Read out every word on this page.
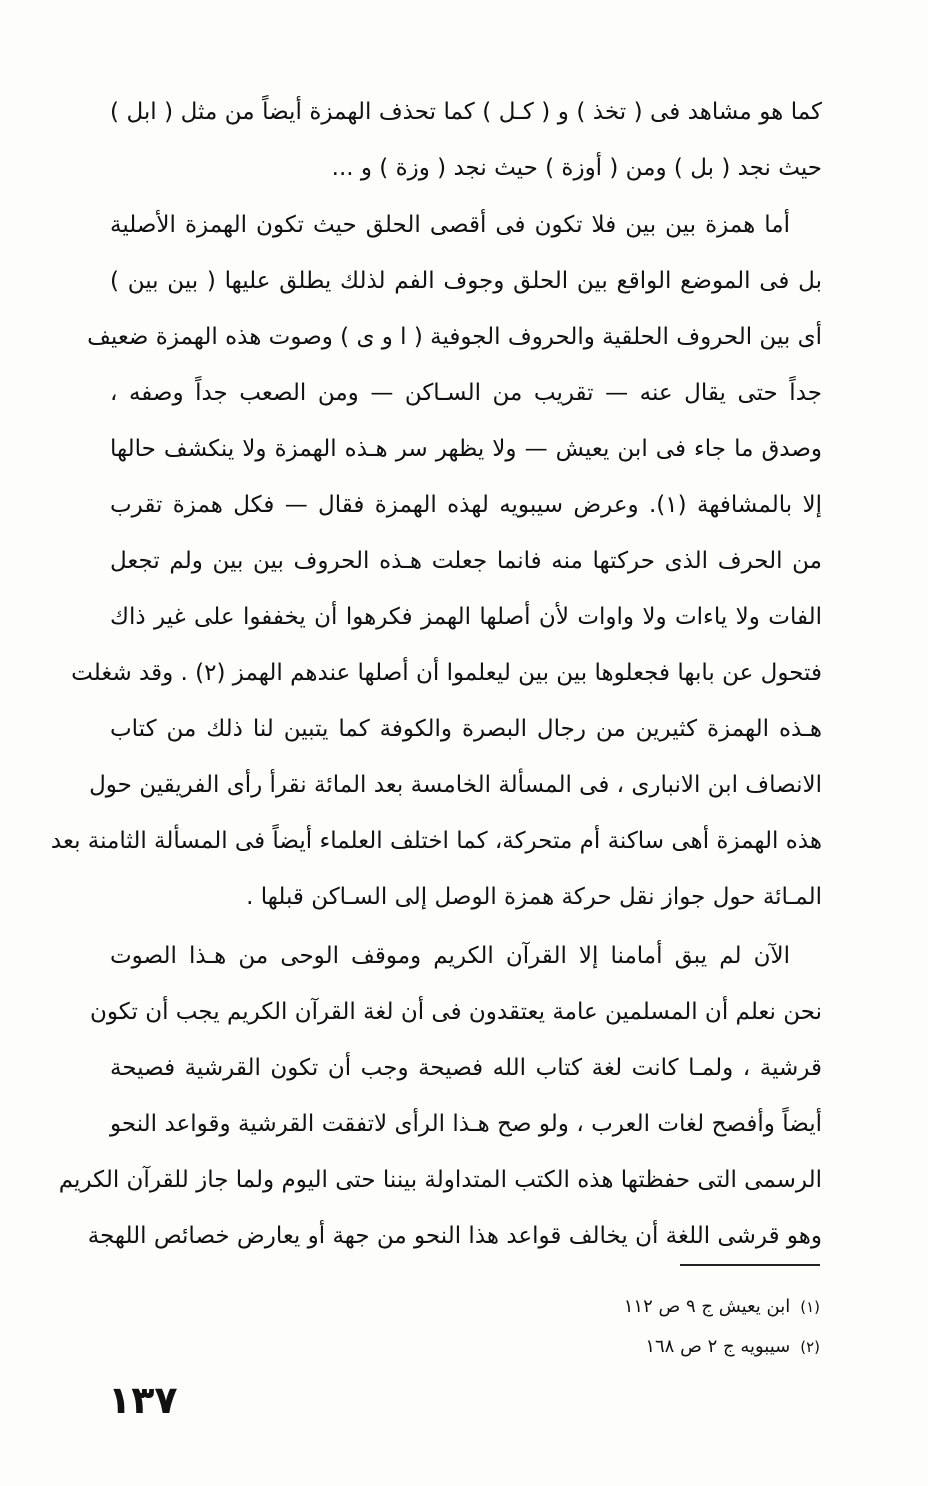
كما هو مشاهد فى ( تخذ ) و ( كـل ) كما تحذف الهمزة أيضاً من مثل ( ابل )
حيث نجد ( بل ) ومن ( أوزة ) حيث نجد ( وزة ) و ...
أما همزة بين بين فلا تكون فى أقصى الحلق حيث تكون الهمزة الأصلية
بل فى الموضع الواقع بين الحلق وجوف الفم لذلك يطلق عليها ( بين بين )
أى بين الحروف الحلقية والحروف الجوفية ( ا و ى ) وصوت هذه الهمزة ضعيف
جداً حتى يقال عنه — تقريب من السـاكن — ومن الصعب جداً وصفه ،
وصدق ما جاء فى ابن يعيش — ولا يظهر سر هـذه الهمزة ولا ينكشف حالها
إلا بالمشافهة (١). وعرض سيبويه لهذه الهمزة فقال — فكل همزة تقرب
من الحرف الذى حركتها منه فانما جعلت هـذه الحروف بين بين ولم تجعل
الفات ولا ياءات ولا واوات لأن أصلها الهمز فكرهوا أن يخففوا على غير ذاك
فتحول عن بابها فجعلوها بين بين ليعلموا أن أصلها عندهم الهمز (٢) . وقد شغلت
هـذه الهمزة كثيرين من رجال البصرة والكوفة كما يتبين لنا ذلك من كتاب
الانصاف ابن الانبارى ، فى المسألة الخامسة بعد المائة نقرأ رأى الفريقين حول
هذه الهمزة أهى ساكنة أم متحركة، كما اختلف العلماء أيضاً فى المسألة الثامنة بعد
المـائة حول جواز نقل حركة همزة الوصل إلى السـاكن قبلها .
الآن لم يبق أمامنا إلا القرآن الكريم وموقف الوحى من هـذا الصوت
نحن نعلم أن المسلمين عامة يعتقدون فى أن لغة القرآن الكريم يجب أن تكون
قرشية ، ولمـا كانت لغة كتاب الله فصيحة وجب أن تكون القرشية فصيحة
أيضاً وأفصح لغات العرب ، ولو صح هـذا الرأى لاتفقت القرشية وقواعد النحو
الرسمى التى حفظتها هذه الكتب المتداولة بيننا حتى اليوم ولما جاز للقرآن الكريم
وهو قرشى اللغة أن يخالف قواعد هذا النحو من جهة أو يعارض خصائص اللهجة
(١)ابن يعيش ج ٩ ص ١١٢
(٢)سيبويه ج ٢ ص ١٦٨
١٣٧
